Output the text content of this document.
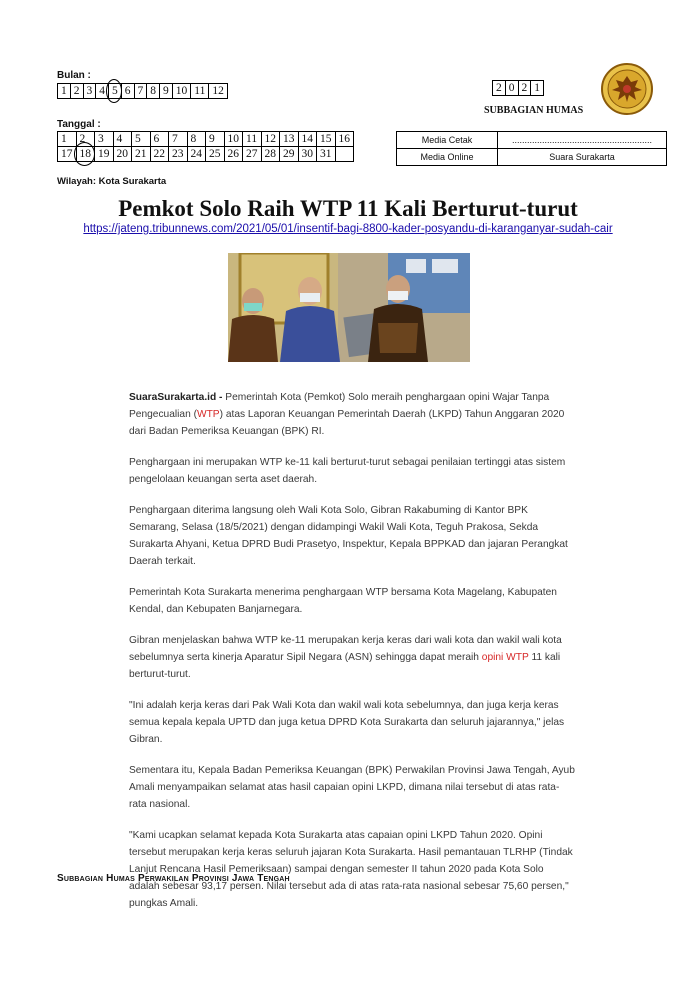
Bulan :
1	2	3	4	5	6	7	8	9	10	11	12
Tanggal :
1	2	3	4	5	6	7	8	9	10	11	12	13	14	15	16
17	18	19	20	21	22	23	24	25	26	27	28	29	30	31	
2	0	2	1
SUBBAGIAN HUMAS
Media Cetak	........................................................
Media Online	Suara Surakarta
Wilayah: Kota Surakarta
Pemkot Solo Raih WTP 11 Kali Berturut-turut
https://jateng.tribunnews.com/2021/05/01/insentif-bagi-8800-kader-posyandu-di-karanganyar-sudah-cair

SuaraSurakarta.id - Pemerintah Kota (Pemkot) Solo meraih penghargaan opini Wajar Tanpa Pengecualian (WTP) atas Laporan Keuangan Pemerintah Daerah (LKPD) Tahun Anggaran 2020 dari Badan Pemeriksa Keuangan (BPK) RI.

Penghargaan ini merupakan WTP ke-11 kali berturut-turut sebagai penilaian tertinggi atas sistem pengelolaan keuangan serta aset daerah.

Penghargaan diterima langsung oleh Wali Kota Solo, Gibran Rakabuming di Kantor BPK Semarang, Selasa (18/5/2021) dengan didampingi Wakil Wali Kota, Teguh Prakosa, Sekda Surakarta Ahyani, Ketua DPRD Budi Prasetyo, Inspektur, Kepala BPPKAD dan jajaran Perangkat Daerah terkait.

Pemerintah Kota Surakarta menerima penghargaan WTP bersama Kota Magelang, Kabupaten Kendal, dan Kebupaten Banjarnegara.

Gibran menjelaskan bahwa WTP ke-11 merupakan kerja keras dari wali kota dan wakil wali kota sebelumnya serta kinerja Aparatur Sipil Negara (ASN) sehingga dapat meraih opini WTP 11 kali berturut-turut.

"Ini adalah kerja keras dari Pak Wali Kota dan wakil wali kota sebelumnya, dan juga kerja keras semua kepala kepala UPTD dan juga ketua DPRD Kota Surakarta dan seluruh jajarannya," jelas Gibran.

Sementara itu, Kepala Badan Pemeriksa Keuangan (BPK) Perwakilan Provinsi Jawa Tengah, Ayub Amali menyampaikan selamat atas hasil capaian opini LKPD, dimana nilai tersebut di atas rata-rata nasional.

"Kami ucapkan selamat kepada Kota Surakarta atas capaian opini LKPD Tahun 2020. Opini tersebut merupakan kerja keras seluruh jajaran Kota Surakarta. Hasil pemantauan TLRHP (Tindak Lanjut Rencana Hasil Pemeriksaan) sampai dengan semester II tahun 2020 pada Kota Solo adalah sebesar 93,17 persen. Nilai tersebut ada di atas rata-rata nasional sebesar 75,60 persen," pungkas Amali.

Subbagian Humas Perwakilan Provinsi Jawa Tengah
